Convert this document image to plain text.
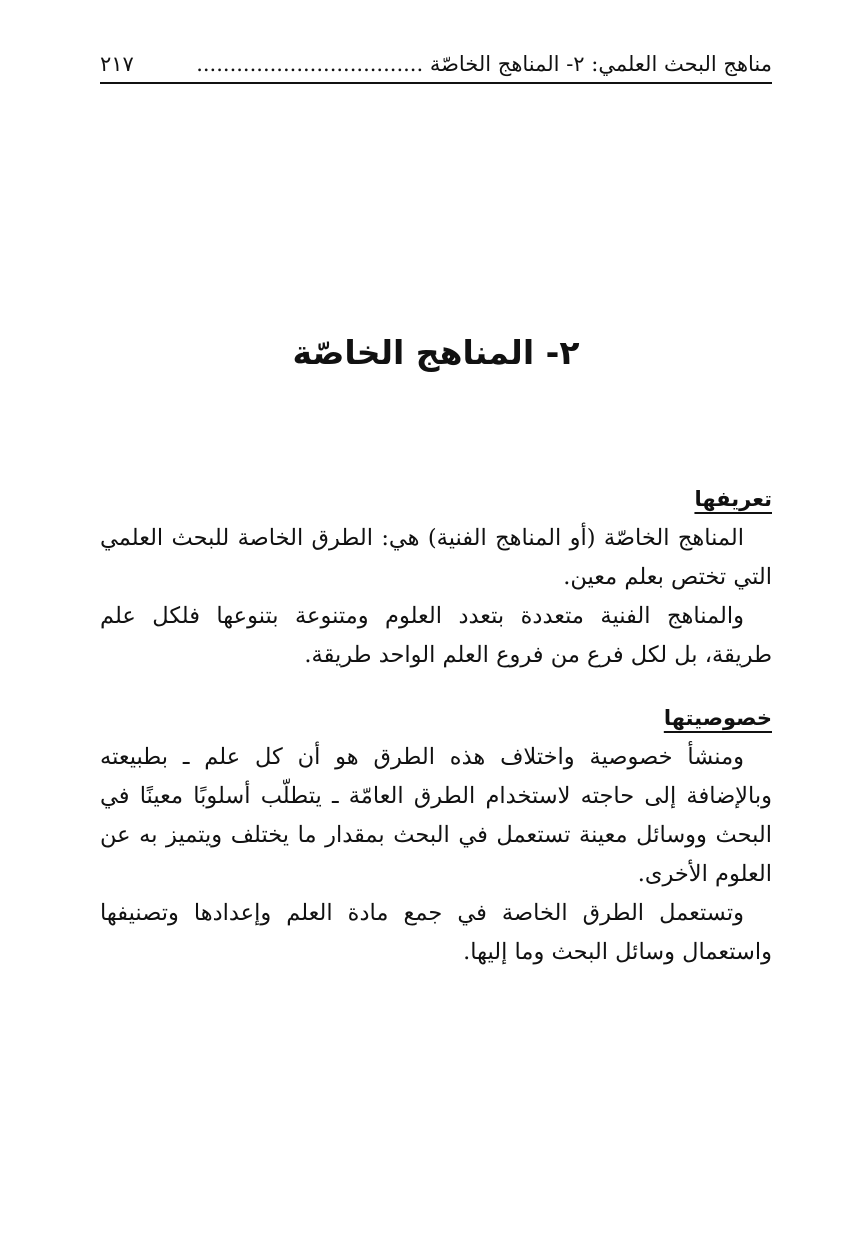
مناهج البحث العلمي: ٢- المناهج الخاصّة ..................................
٢١٧
٢- المناهج الخاصّة

تعريفها

المناهج الخاصّة (أو المناهج الفنية) هي: الطرق الخاصة للبحث العلمي التي تختص بعلم معين.

والمناهج الفنية متعددة بتعدد العلوم ومتنوعة بتنوعها فلكل علم طريقة، بل لكل فرع من فروع العلم الواحد طريقة.

خصوصيتها

ومنشأ خصوصية واختلاف هذه الطرق هو أن كل علم ـ بطبيعته وبالإضافة إلى حاجته لاستخدام الطرق العامّة ـ يتطلّب أسلوبًا معينًا في البحث ووسائل معينة تستعمل في البحث بمقدار ما يختلف ويتميز به عن العلوم الأخرى.

وتستعمل الطرق الخاصة في جمع مادة العلم وإعدادها وتصنيفها واستعمال وسائل البحث وما إليها.
